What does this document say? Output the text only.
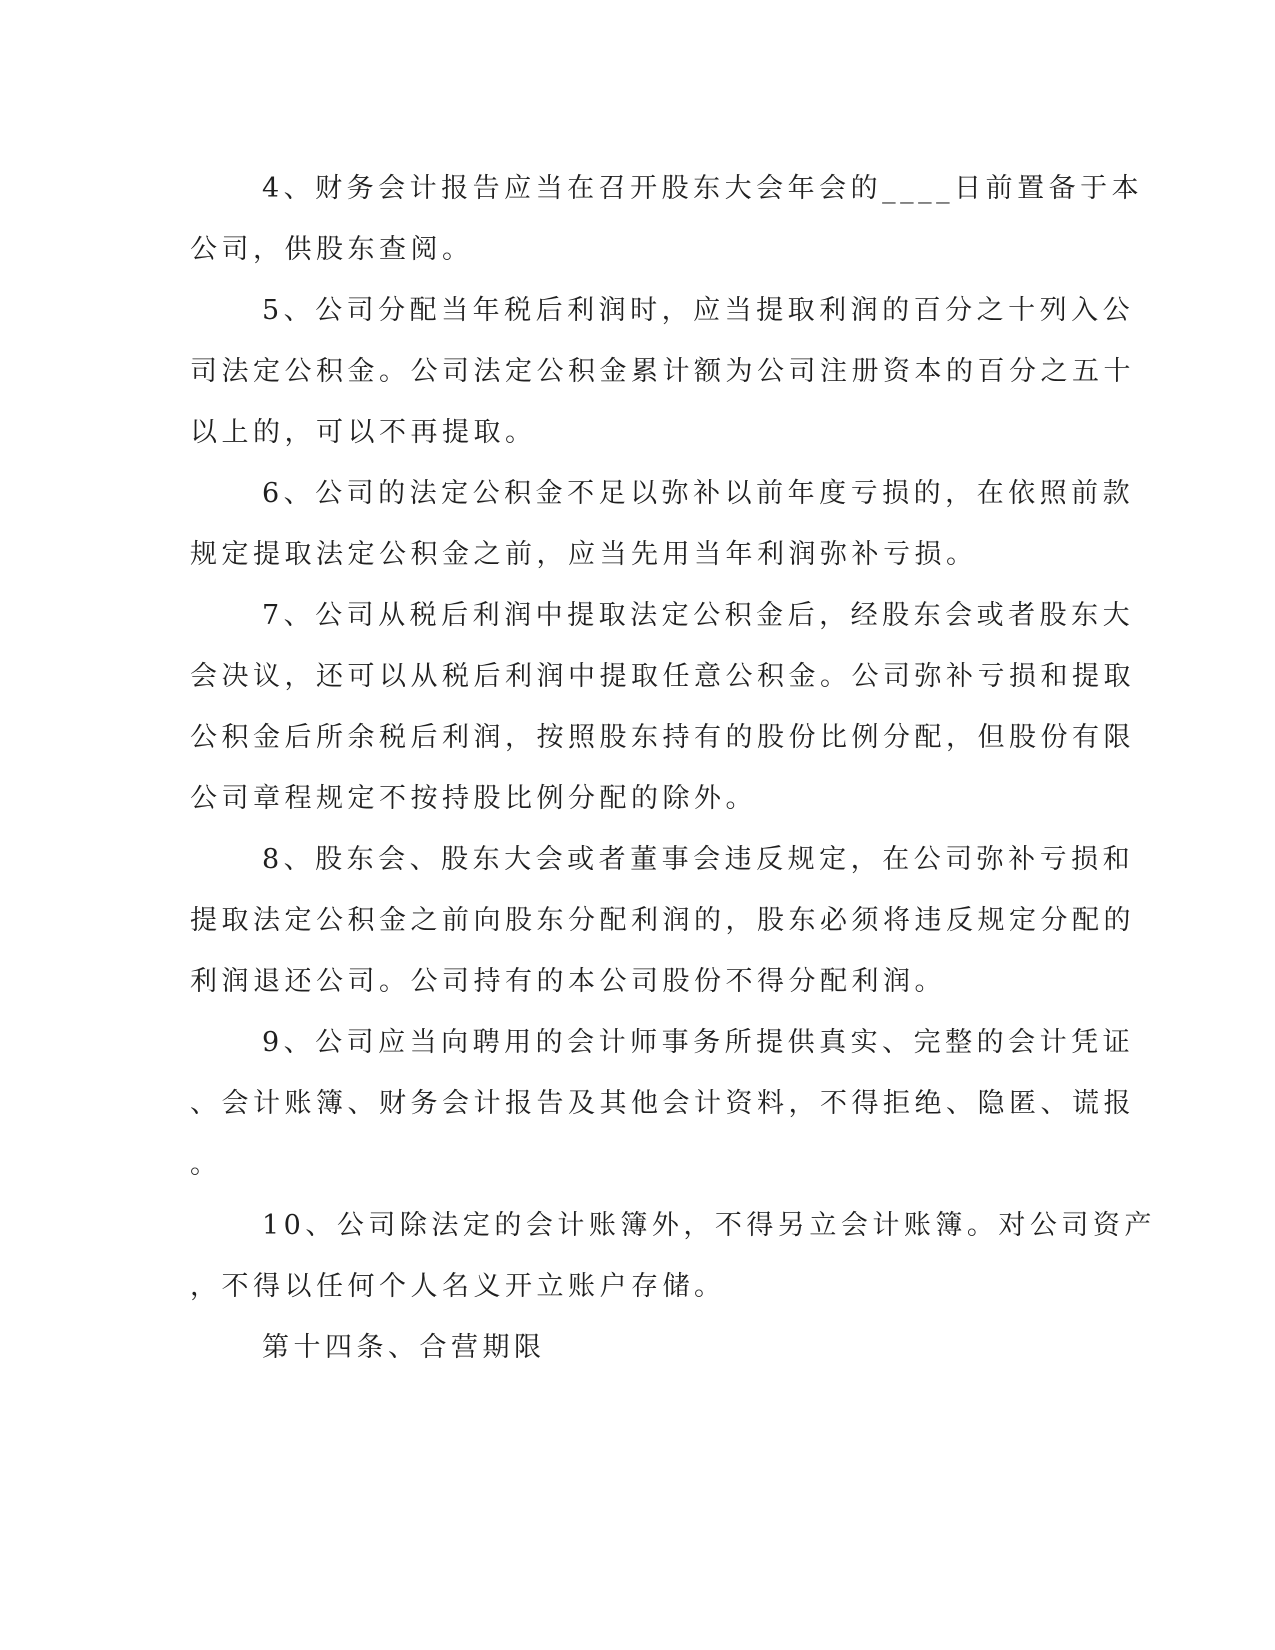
4、财务会计报告应当在召开股东大会年会的____日前置备于本
公司，供股东查阅。
5、公司分配当年税后利润时，应当提取利润的百分之十列入公
司法定公积金。公司法定公积金累计额为公司注册资本的百分之五十
以上的，可以不再提取。
6、公司的法定公积金不足以弥补以前年度亏损的，在依照前款
规定提取法定公积金之前，应当先用当年利润弥补亏损。
7、公司从税后利润中提取法定公积金后，经股东会或者股东大
会决议，还可以从税后利润中提取任意公积金。公司弥补亏损和提取
公积金后所余税后利润，按照股东持有的股份比例分配，但股份有限
公司章程规定不按持股比例分配的除外。
8、股东会、股东大会或者董事会违反规定，在公司弥补亏损和
提取法定公积金之前向股东分配利润的，股东必须将违反规定分配的
利润退还公司。公司持有的本公司股份不得分配利润。
9、公司应当向聘用的会计师事务所提供真实、完整的会计凭证
、会计账簿、财务会计报告及其他会计资料，不得拒绝、隐匿、谎报
。
10、公司除法定的会计账簿外，不得另立会计账簿。对公司资产
，不得以任何个人名义开立账户存储。
第十四条、合营期限
